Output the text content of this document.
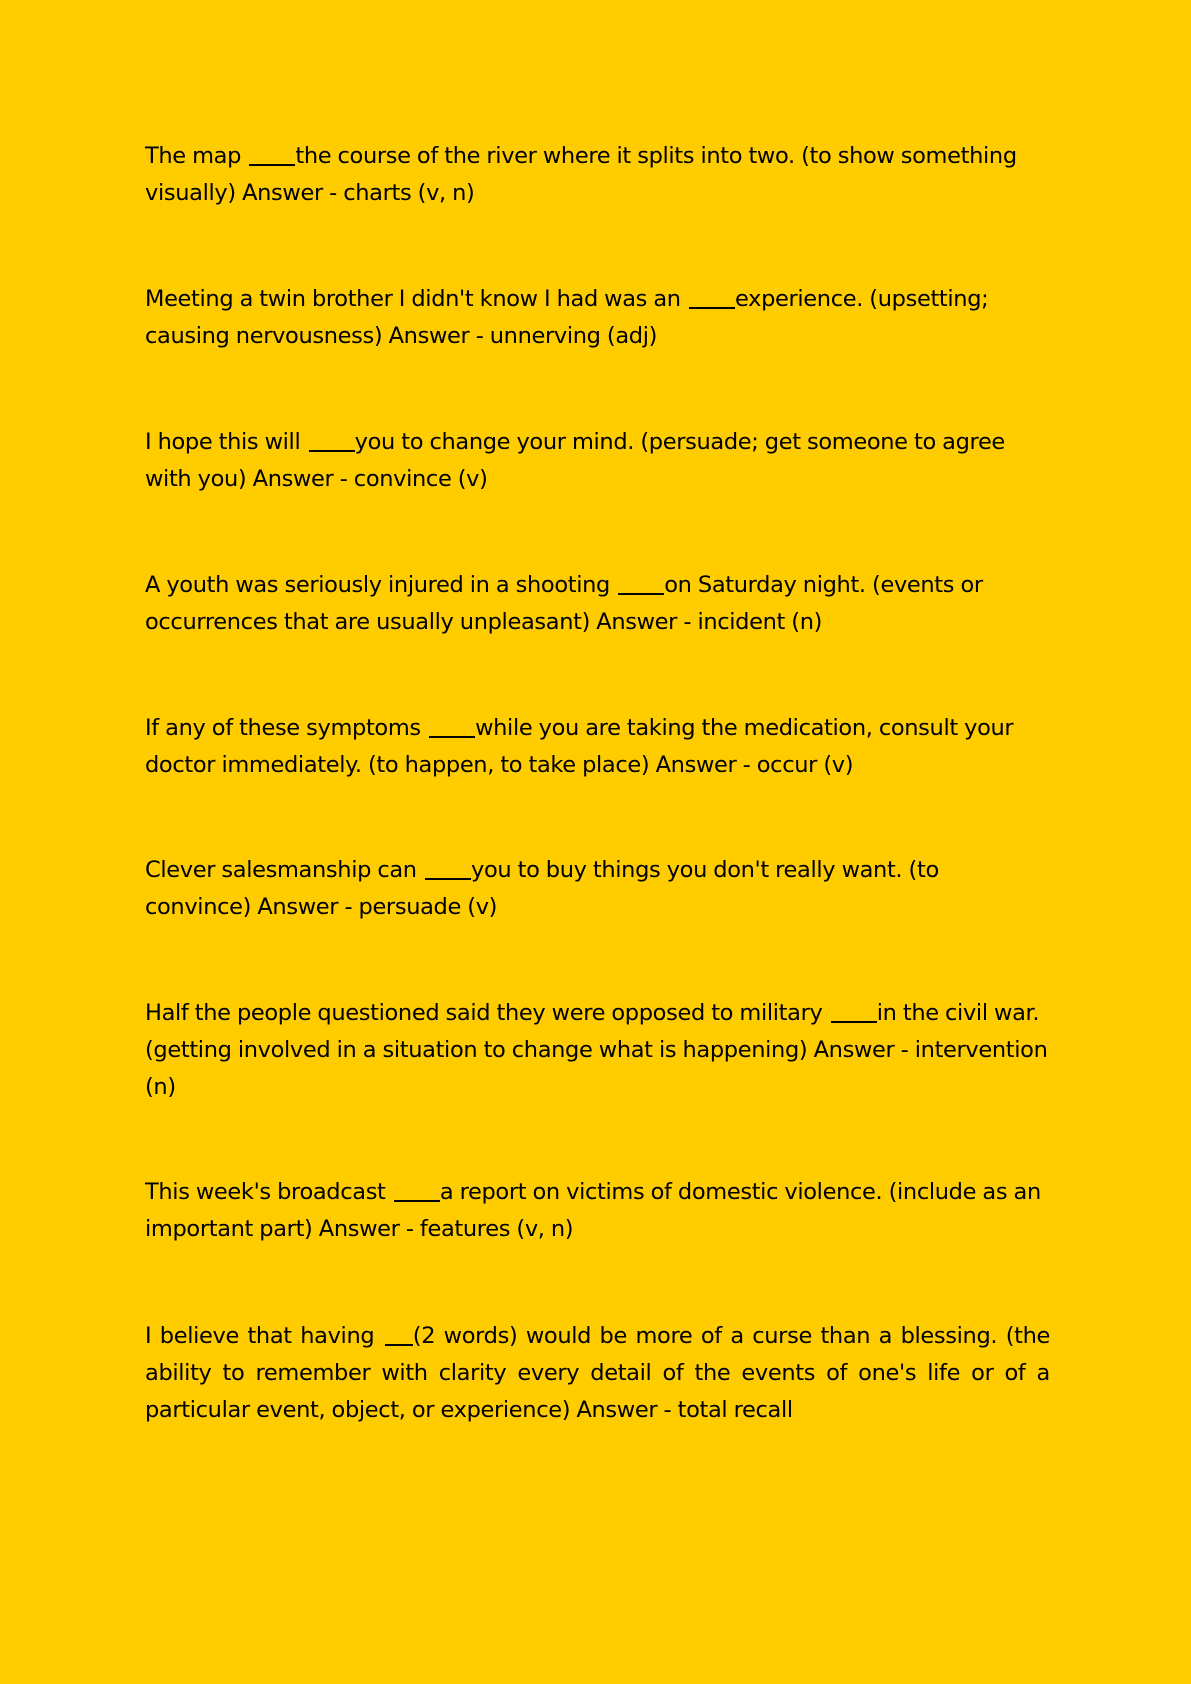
The map the course of the river where it splits into two. (to show something visually) Answer - charts (v, n)

Meeting a twin brother I didn't know I had was an experience. (upsetting; causing nervousness) Answer - unnerving (adj)

I hope this will you to change your mind. (persuade; get someone to agree with you) Answer - convince (v)

A youth was seriously injured in a shooting on Saturday night. (events or occurrences that are usually unpleasant) Answer - incident (n)

If any of these symptoms while you are taking the medication, consult your doctor immediately. (to happen, to take place) Answer - occur (v)

Clever salesmanship can you to buy things you don't really want. (to convince) Answer - persuade (v)

Half the people questioned said they were opposed to military in the civil war. (getting involved in a situation to change what is happening) Answer - intervention (n)

This week's broadcast a report on victims of domestic violence. (include as an important part) Answer - features (v, n)

I believe that having (2 words) would be more of a curse than a blessing. (the ability to remember with clarity every detail of the events of one's life or of a particular event, object, or experience) Answer - total recall
